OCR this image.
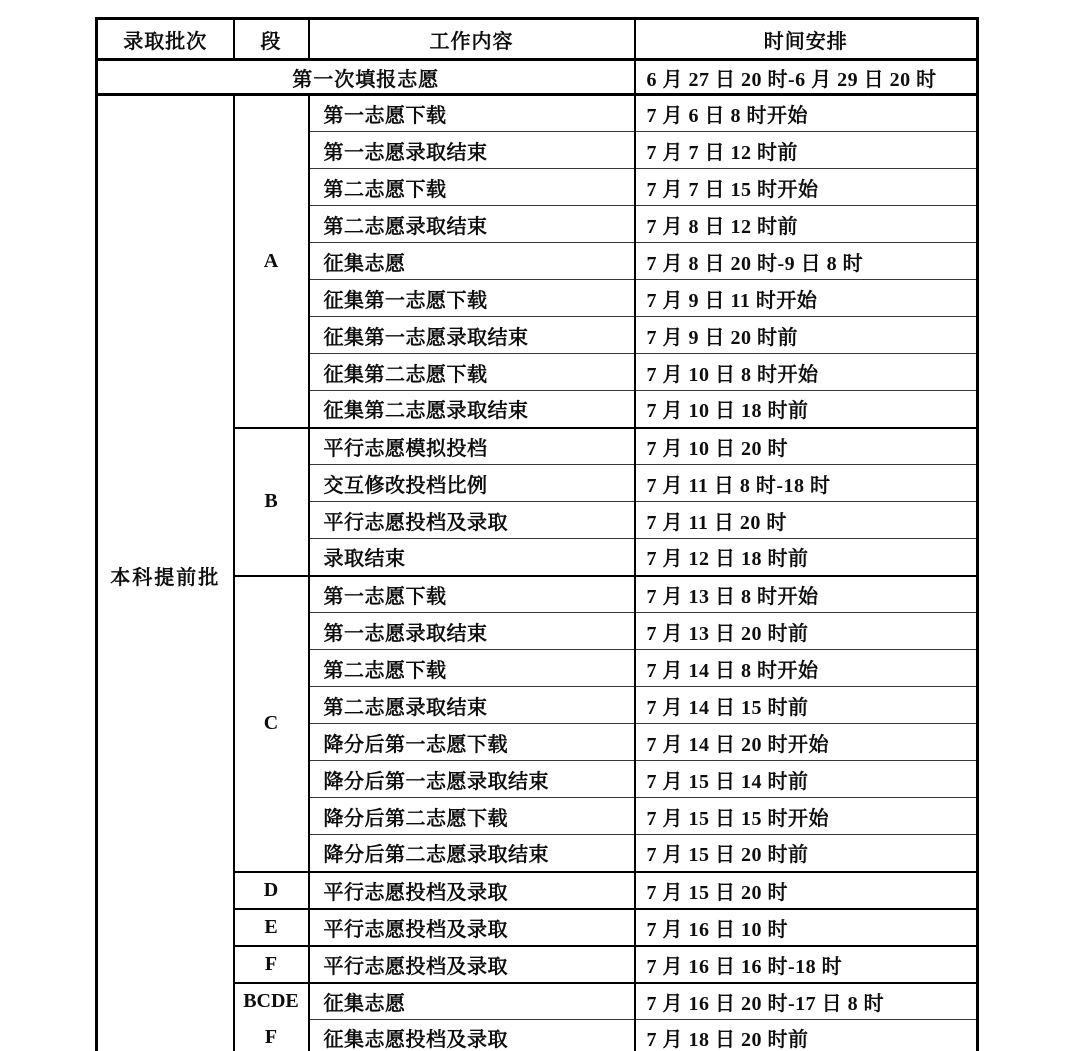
录取批次	段	工作内容	时间安排
第一次填报志愿			6 月 27 日 20 时-6 月 29 日 20 时
本科提前批	A	第一志愿下载	7 月 6 日 8 时开始
		第一志愿录取结束	7 月 7 日 12 时前
		第二志愿下载	7 月 7 日 15 时开始
		第二志愿录取结束	7 月 8 日 12 时前
		征集志愿	7 月 8 日 20 时-9 日 8 时
		征集第一志愿下载	7 月 9 日 11 时开始
		征集第一志愿录取结束	7 月 9 日 20 时前
		征集第二志愿下载	7 月 10 日 8 时开始
		征集第二志愿录取结束	7 月 10 日 18 时前
	B	平行志愿模拟投档	7 月 10 日 20 时
		交互修改投档比例	7 月 11 日 8 时-18 时
		平行志愿投档及录取	7 月 11 日 20 时
		录取结束	7 月 12 日 18 时前
	C	第一志愿下载	7 月 13 日 8 时开始
		第一志愿录取结束	7 月 13 日 20 时前
		第二志愿下载	7 月 14 日 8 时开始
		第二志愿录取结束	7 月 14 日 15 时前
		降分后第一志愿下载	7 月 14 日 20 时开始
		降分后第一志愿录取结束	7 月 15 日 14 时前
		降分后第二志愿下载	7 月 15 日 15 时开始
		降分后第二志愿录取结束	7 月 15 日 20 时前
	D	平行志愿投档及录取	7 月 15 日 20 时
	E	平行志愿投档及录取	7 月 16 日 10 时
	F	平行志愿投档及录取	7 月 16 日 16 时-18 时
	BCDE	征集志愿	7 月 16 日 20 时-17 日 8 时
	F	征集志愿投档及录取	7 月 18 日 20 时前
